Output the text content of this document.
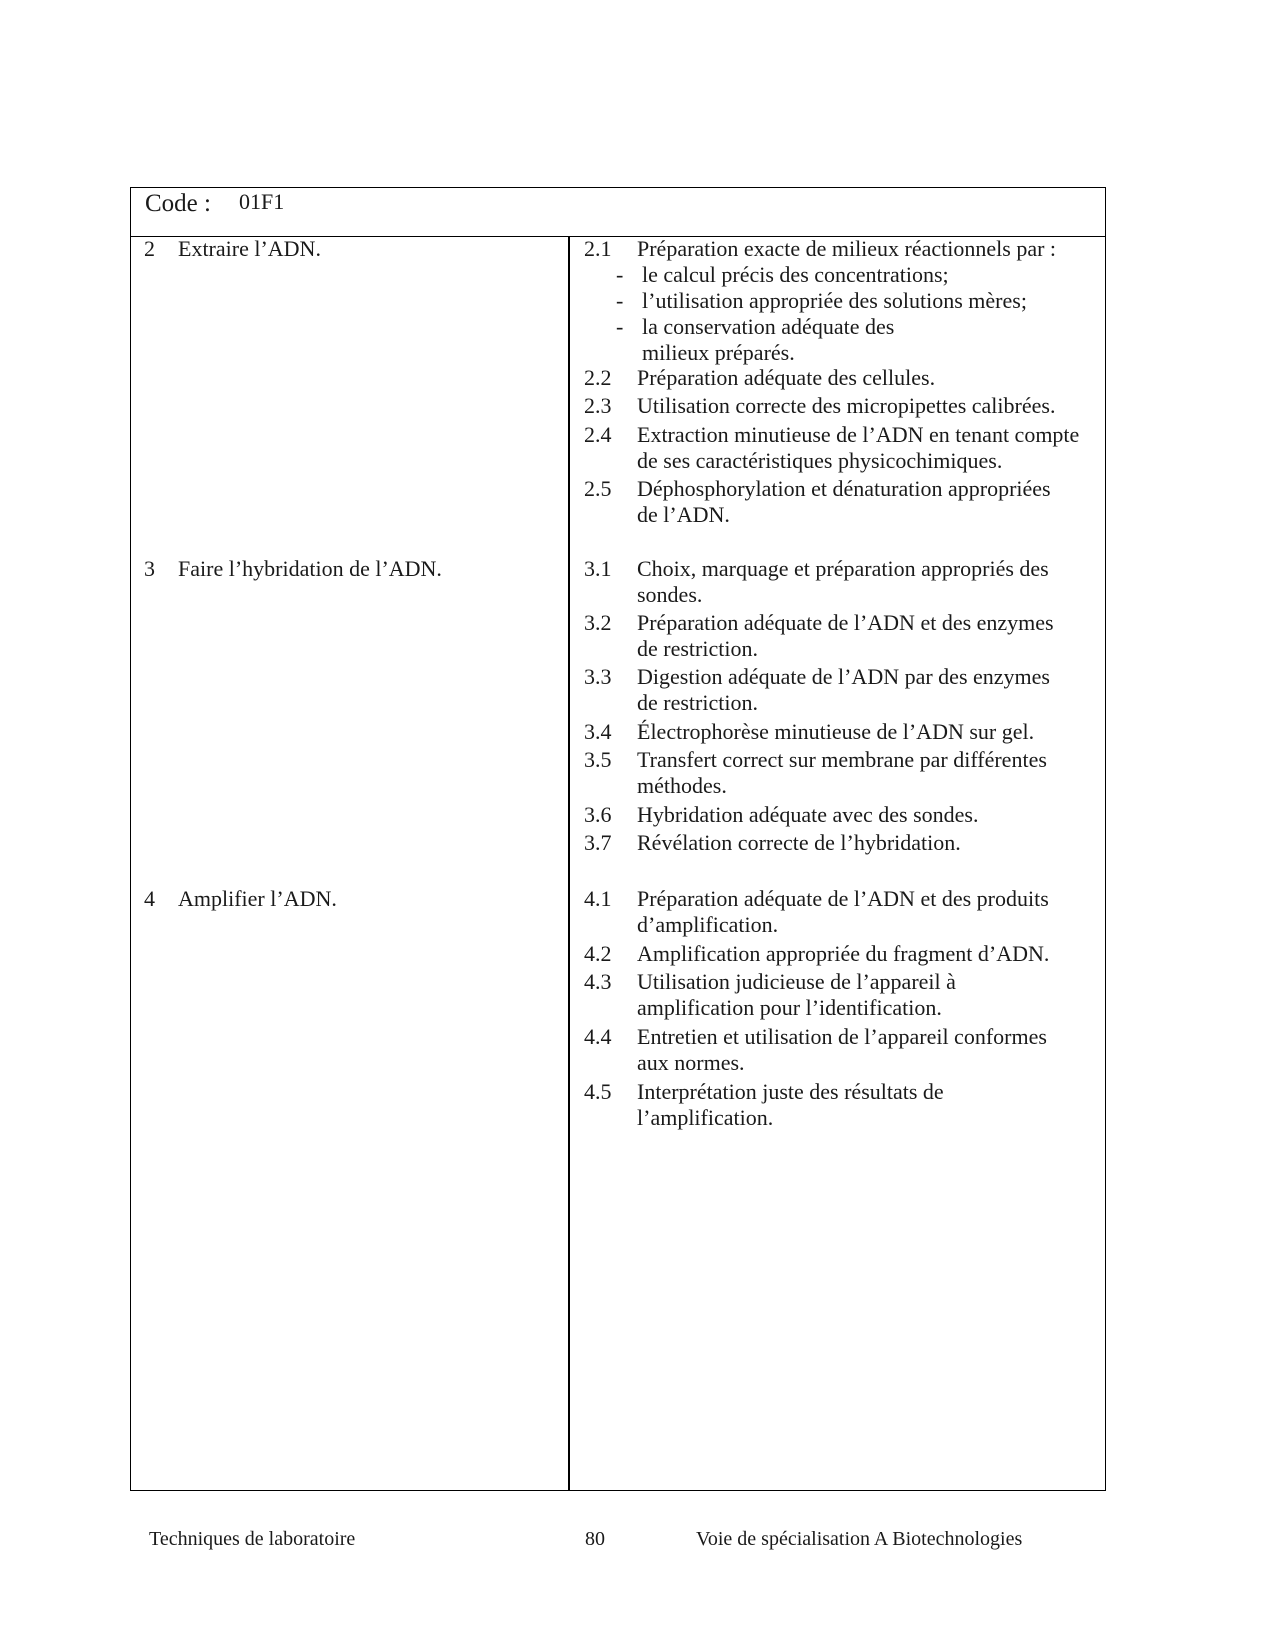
Code : 01F1
2 Extraire l’ADN.
3 Faire l’hybridation de l’ADN.
4 Amplifier l’ADN.
2.1 Préparation exacte de milieux réactionnels par :
- le calcul précis des concentrations;
- l’utilisation appropriée des solutions mères;
- la conservation adéquate des milieux préparés.
2.2 Préparation adéquate des cellules.
2.3 Utilisation correcte des micropipettes calibrées.
2.4 Extraction minutieuse de l’ADN en tenant compte de ses caractéristiques physicochimiques.
2.5 Déphosphorylation et dénaturation appropriées de l’ADN.
3.1 Choix, marquage et préparation appropriés des sondes.
3.2 Préparation adéquate de l’ADN et des enzymes de restriction.
3.3 Digestion adéquate de l’ADN par des enzymes de restriction.
3.4 Électrophorèse minutieuse de l’ADN sur gel.
3.5 Transfert correct sur membrane par différentes méthodes.
3.6 Hybridation adéquate avec des sondes.
3.7 Révélation correcte de l’hybridation.
4.1 Préparation adéquate de l’ADN et des produits d’amplification.
4.2 Amplification appropriée du fragment d’ADN.
4.3 Utilisation judicieuse de l’appareil à amplification pour l’identification.
4.4 Entretien et utilisation de l’appareil conformes aux normes.
4.5 Interprétation juste des résultats de l’amplification.
Techniques de laboratoire	80	Voie de spécialisation A Biotechnologies
